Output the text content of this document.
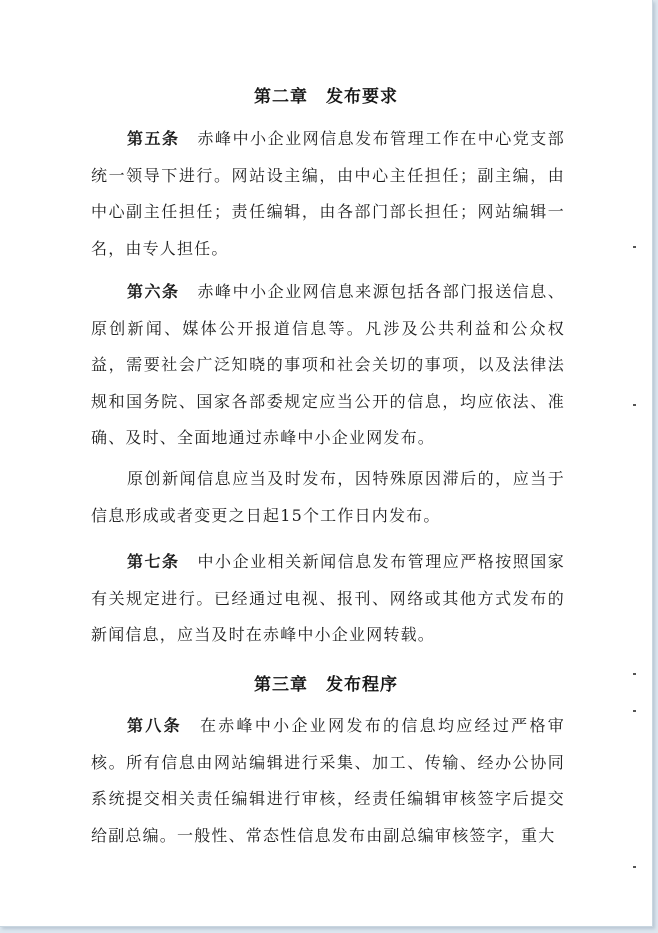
第二章　发布要求
第五条 赤峰中小企业网信息发布管理工作在中心党支部统一领导下进行。网站设主编，由中心主任担任；副主编，由中心副主任担任；责任编辑，由各部门部长担任；网站编辑一名，由专人担任。
第六条 赤峰中小企业网信息来源包括各部门报送信息、原创新闻、媒体公开报道信息等。凡涉及公共利益和公众权益，需要社会广泛知晓的事项和社会关切的事项，以及法律法规和国务院、国家各部委规定应当公开的信息，均应依法、准确、及时、全面地通过赤峰中小企业网发布。
原创新闻信息应当及时发布，因特殊原因滞后的，应当于信息形成或者变更之日起15个工作日内发布。
第七条 中小企业相关新闻信息发布管理应严格按照国家有关规定进行。已经通过电视、报刊、网络或其他方式发布的新闻信息，应当及时在赤峰中小企业网转载。
第三章　发布程序
第八条 在赤峰中小企业网发布的信息均应经过严格审核。所有信息由网站编辑进行采集、加工、传输、经办公协同系统提交相关责任编辑进行审核，经责任编辑审核签字后提交给副总编。一般性、常态性信息发布由副总编审核签字，重大
